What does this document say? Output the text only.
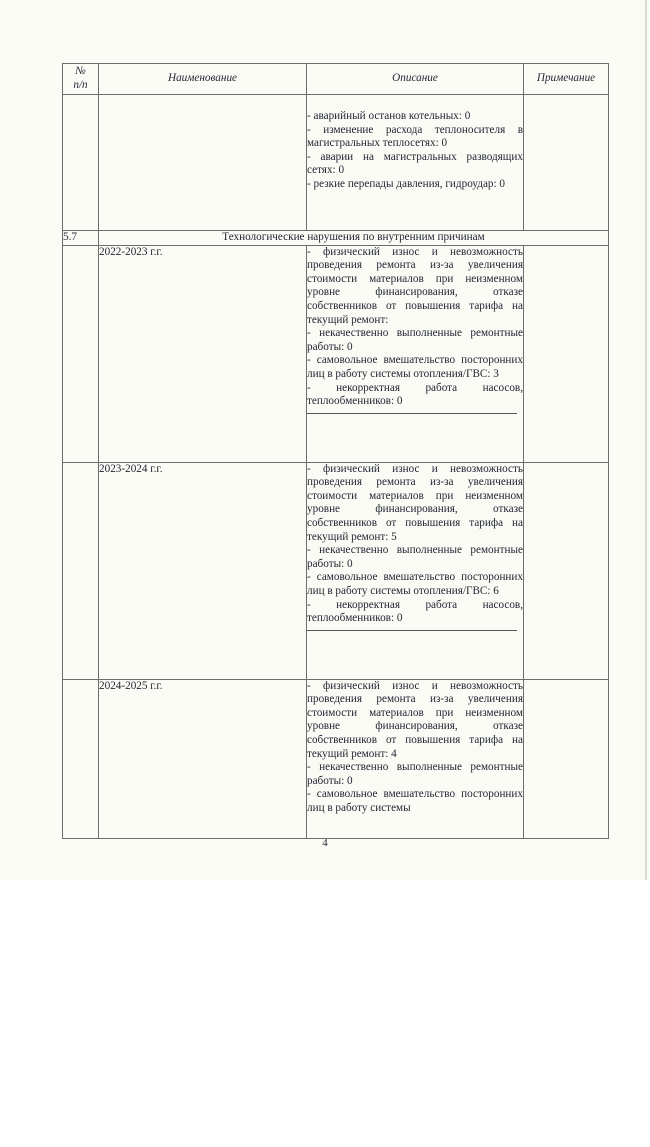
№
п/п	Наименование	Описание	Примечание

		- аварийный останов котельных: 0

- изменение расхода теплоносителя в магистральных теплосетях: 0

- аварии на магистральных разводящих сетях: 0

- резкие перепады давления, гидроудар: 0	

5.7	Технологические нарушения по внутренним причинам		
	2022-2023 г.г.	- физический износ и невозможность проведения ремонта из-за увеличения стоимости материалов при неизменном уровне финансирования, отказе собственников от повышения тарифа на текущий ремонт:

- некачественно выполненные ремонтные работы: 0

- самовольное вмешательство посторонних лиц в работу системы отопления/ГВС: 3

- некорректная работа насосов, теплообменников: 0	

	2023-2024 г.г.	- физический износ и невозможность проведения ремонта из-за увеличения стоимости материалов при неизменном уровне финансирования, отказе собственников от повышения тарифа на текущий ремонт: 5

- некачественно выполненные ремонтные работы: 0

- самовольное вмешательство посторонних лиц в работу системы отопления/ГВС: 6

- некорректная работа насосов, теплообменников: 0	

	2024-2025 г.г.	- физический износ и невозможность проведения ремонта из-за увеличения стоимости материалов при неизменном уровне финансирования, отказе собственников от повышения тарифа на текущий ремонт: 4

- некачественно выполненные ремонтные работы: 0

- самовольное вмешательство посторонних лиц в работу системы	

4
